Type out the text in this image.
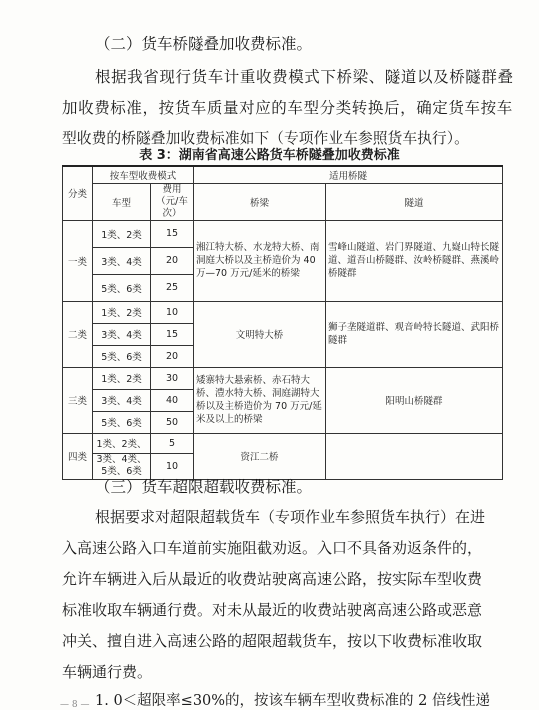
（二）货车桥隧叠加收费标准。
根据我省现行货车计重收费模式下桥梁、隧道以及桥隧群叠
加收费标准，按货车质量对应的车型分类转换后，确定货车按车
型收费的桥隧叠加收费标准如下（专项作业车参照货车执行）。
表 3：湖南省高速公路货车桥隧叠加收费标准
分类	按车型收费模式		适用桥隧	
	车型	费用（元/车次）	桥梁	隧道
一类	1类、2类	15	湘江特大桥、水龙特大桥、南洞庭大桥以及主桥造价为 40 万—70 万元/延米的桥梁	雪峰山隧道、岩门界隧道、九嶷山特长隧道、道吾山桥隧群、汝岭桥隧群、燕溪岭桥隧群
	3类、4类	20		
	5类、6类	25		
二类	1类、2类	10	文明特大桥	狮子垄隧道群、观音岭特长隧道、武阳桥隧群
	3类、4类	15		
	5类、6类	20		
三类	1类、2类	30	矮寨特大悬索桥、赤石特大桥、澧水特大桥、洞庭湖特大桥以及主桥造价为 70 万元/延米及以上的桥梁	阳明山桥隧群
	3类、4类	40		
	5类、6类	50		
四类	1类、2类、	5	资江二桥	
	3类、4类、5类、6类	10		
（三）货车超限超载收费标准。
根据要求对超限超载货车（专项作业车参照货车执行）在进
入高速公路入口车道前实施阻截劝返。入口不具备劝返条件的，
允许车辆进入后从最近的收费站驶离高速公路，按实际车型收费
标准收取车辆通行费。对未从最近的收费站驶离高速公路或恶意
冲关、擅自进入高速公路的超限超载货车，按以下收费标准收取
车辆通行费。
1. 0＜超限率≤30%的，按该车辆车型收费标准的 2 倍线性递
— 8 —
